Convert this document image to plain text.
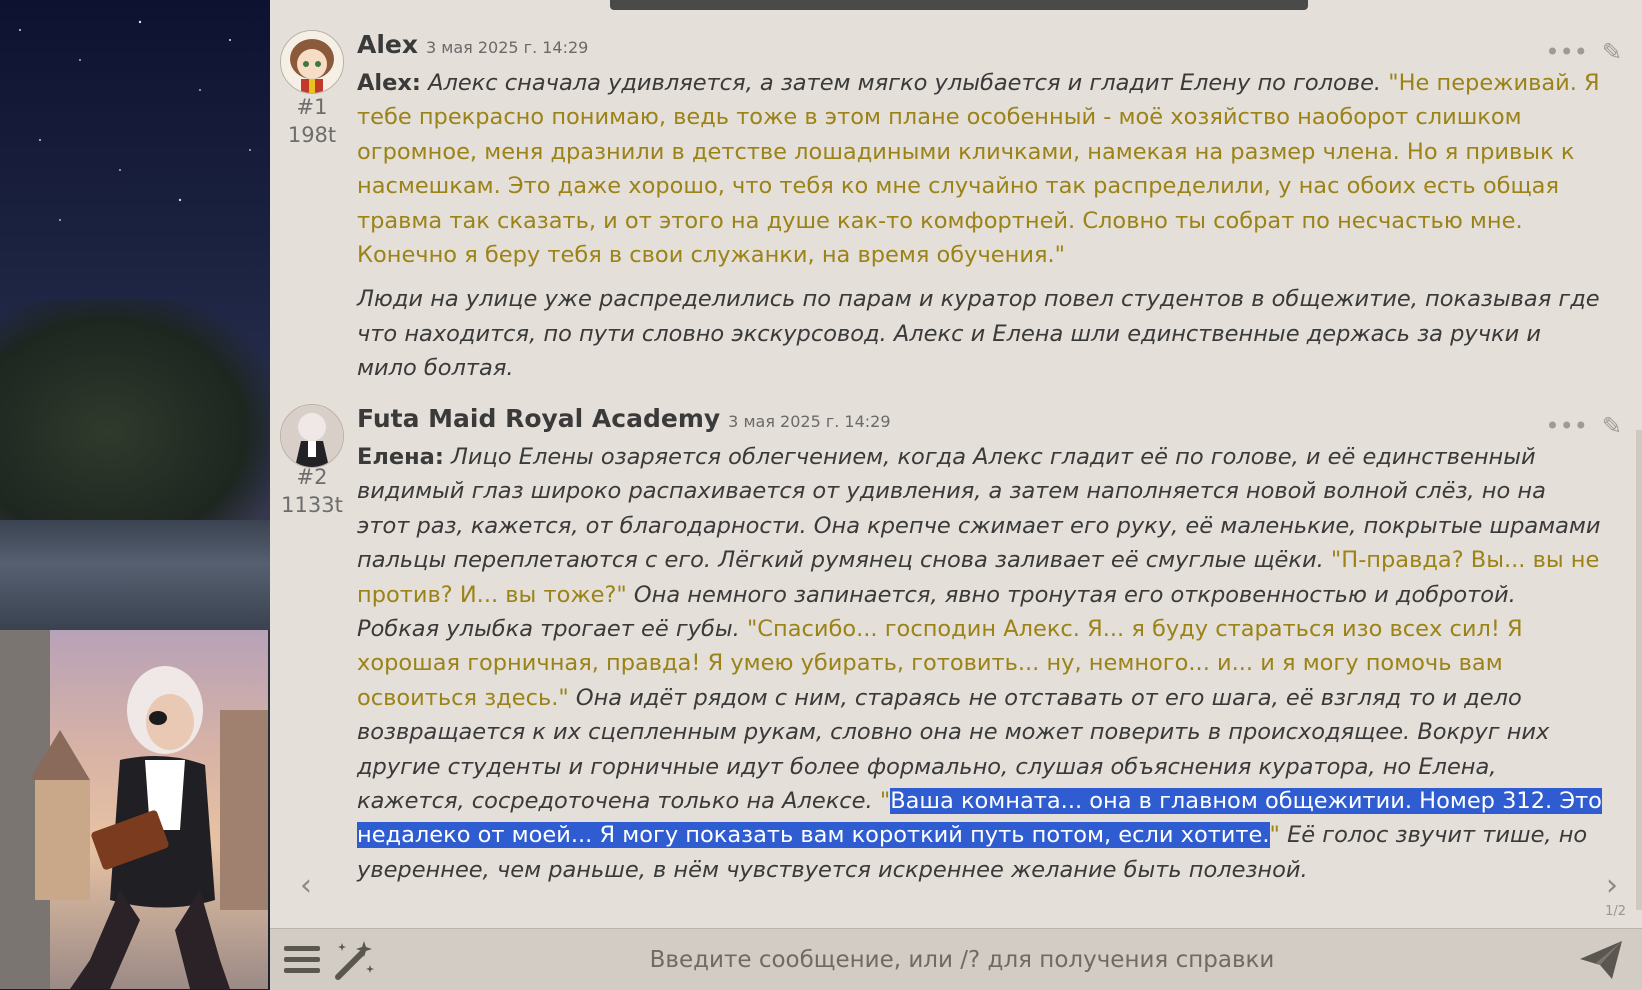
#1
198t
Alex 3 мая 2025 г. 14:29	••• ✎

Alex: Алекс сначала удивляется, а затем мягко улыбается и гладит Елену по голове. "Не переживай. Я тебе прекрасно понимаю, ведь тоже в этом плане особенный - моё хозяйство наоборот слишком огромное, меня дразнили в детстве лошадиными кличками, намекая на размер члена. Но я привык к насмешкам. Это даже хорошо, что тебя ко мне случайно так распределили, у нас обоих есть общая травма так сказать, и от этого на душе как-то комфортней. Словно ты собрат по несчастью мне. Конечно я беру тебя в свои служанки, на время обучения."

Люди на улице уже распределились по парам и куратор повел студентов в общежитие, показывая где что находится, по пути словно экскурсовод. Алекс и Елена шли единственные держась за ручки и мило болтая.

#2
1133t
Futa Maid Royal Academy 3 мая 2025 г. 14:29	••• ✎

Елена: Лицо Елены озаряется облегчением, когда Алекс гладит её по голове, и её единственный видимый глаз широко распахивается от удивления, а затем наполняется новой волной слёз, но на этот раз, кажется, от благодарности. Она крепче сжимает его руку, её маленькие, покрытые шрамами пальцы переплетаются с его. Лёгкий румянец снова заливает её смуглые щёки. "П-правда? Вы... вы не против? И... вы тоже?" Она немного запинается, явно тронутая его откровенностью и добротой. Робкая улыбка трогает её губы. "Спасибо... господин Алекс. Я... я буду стараться изо всех сил! Я хорошая горничная, правда! Я умею убирать, готовить... ну, немного... и... и я могу помочь вам освоиться здесь." Она идёт рядом с ним, стараясь не отставать от его шага, её взгляд то и дело возвращается к их сцепленным рукам, словно она не может поверить в происходящее. Вокруг них другие студенты и горничные идут более формально, слушая объяснения куратора, но Елена, кажется, сосредоточена только на Алексе. "Ваша комната... она в главном общежитии. Номер 312. Это недалеко от моей... Я могу показать вам короткий путь потом, если хотите." Её голос звучит тише, но увереннее, чем раньше, в нём чувствуется искреннее желание быть полезной.

‹	›
1/2
Введите сообщение, или /? для получения справки
